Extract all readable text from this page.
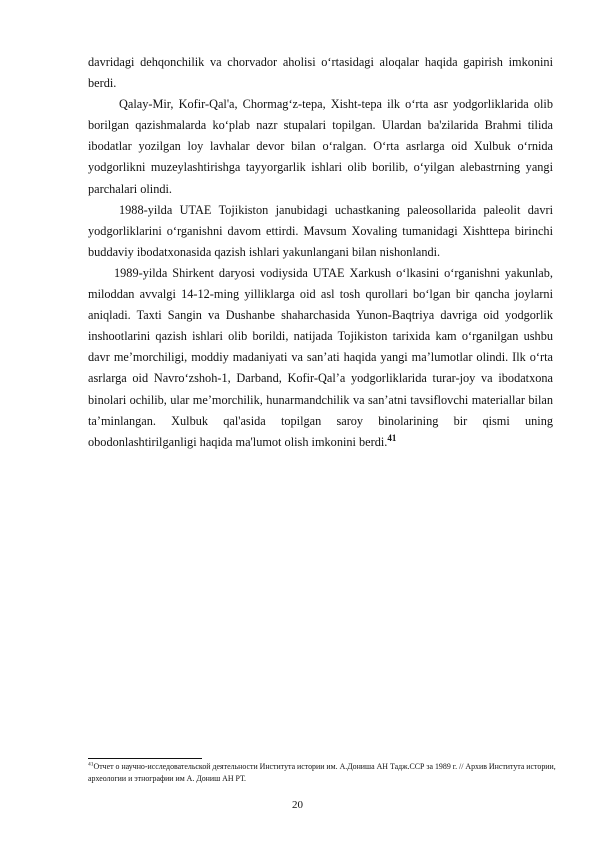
davridagi dehqonchilik va chorvador aholisi o‘rtasidagi aloqalar haqida gapirish imkonini berdi.

Qalay-Mir, Kofir-Qal'a, Chormag‘z-tepa, Xisht-tepa ilk o‘rta asr yodgorliklarida olib borilgan qazishmalarda ko‘plab nazr stupalari topilgan. Ulardan ba'zilarida Brahmi tilida ibodatlar yozilgan loy lavhalar devor bilan o‘ralgan. O‘rta asrlarga oid Xulbuk o‘rnida yodgorlikni muzeylashtirishga tayyorgarlik ishlari olib borilib, o‘yilgan alebastrning yangi parchalari olindi.

1988-yilda UTAE Tojikiston janubidagi uchastkaning paleosollarida paleolit davri yodgorliklarini o‘rganishni davom ettirdi. Mavsum Xovaling tumanidagi Xishttepa birinchi buddaviy ibodatxonasida qazish ishlari yakunlangani bilan nishonlandi.

1989-yilda Shirkent daryosi vodiysida UTAE Xarkush o‘lkasini o‘rganishni yakunlab, miloddan avvalgi 14-12-ming yilliklarga oid asl tosh qurollari bo‘lgan bir qancha joylarni aniqladi. Taxti Sangin va Dushanbe shaharchasida Yunon-Baqtriya davriga oid yodgorlik inshootlarini qazish ishlari olib borildi, natijada Tojikiston tarixida kam o‘rganilgan ushbu davr me’morchiligi, moddiy madaniyati va san’ati haqida yangi ma’lumotlar olindi. Ilk o‘rta asrlarga oid Navro‘zshoh-1, Darband, Kofir-Qal’a yodgorliklarida turar-joy va ibodatxona binolari ochilib, ular me’morchilik, hunarmandchilik va san’atni tavsiflovchi materiallar bilan ta’minlangan. Xulbuk qal'asida topilgan saroy binolarining bir qismi uning obodonlashtirilganligi haqida ma'lumot olish imkonini berdi.$^{41}$

$^{41}$Отчет о научно-исследовательской деятельности Института истории им. А.Дониша АН Тадж.ССР за 1989 г. // Архив Института истории, археологии и этнографии им А. Дониш АН РТ.
20
